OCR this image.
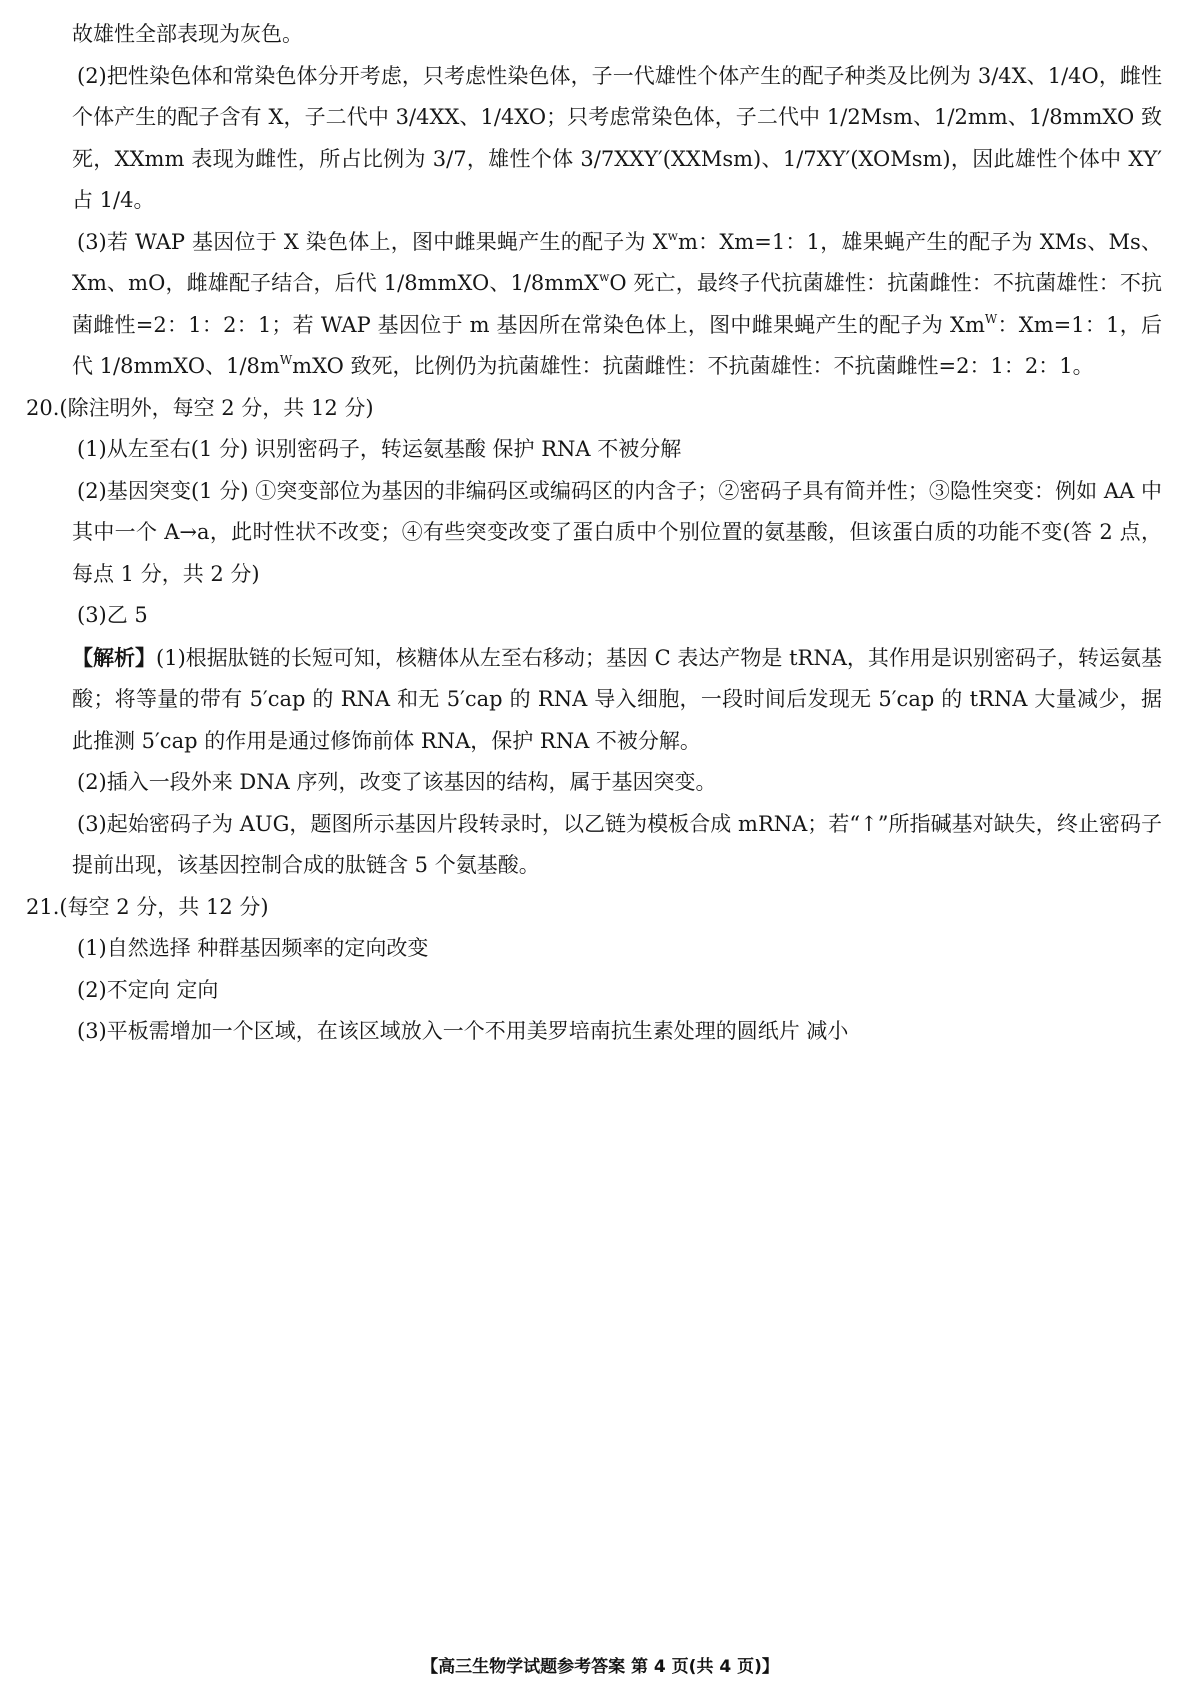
故雄性全部表现为灰色。

(2)把性染色体和常染色体分开考虑，只考虑性染色体，子一代雄性个体产生的配子种类及比例为 3/4X、1/4O，雌性个体产生的配子含有 X，子二代中 3/4XX、1/4XO；只考虑常染色体，子二代中 1/2Msm、1/2mm、1/8mmXO 致死，XXmm 表现为雌性，所占比例为 3/7，雄性个体 3/7XXY′(XXMsm)、1/7XY′(XOMsm)，因此雄性个体中 XY′占 1/4。

(3)若 WAP 基因位于 X 染色体上，图中雌果蝇产生的配子为 $X^wm$：Xm=1：1，雄果蝇产生的配子为 XMs、Ms、Xm、mO，雌雄配子结合，后代 1/8mmXO、1/8mmX$^w$O 死亡，最终子代抗菌雄性：抗菌雌性：不抗菌雄性：不抗菌雌性=2：1：2：1；若 WAP 基因位于 m 基因所在常染色体上，图中雌果蝇产生的配子为 $Xm^W$：Xm=1：1，后代 1/8mmXO、$1/8m^WmXO$ 致死，比例仍为抗菌雄性：抗菌雌性：不抗菌雄性：不抗菌雌性=2：1：2：1。

20.(除注明外，每空 2 分，共 12 分)

(1)从左至右(1 分) 识别密码子，转运氨基酸 保护 RNA 不被分解

(2)基因突变(1 分) ①突变部位为基因的非编码区或编码区的内含子；②密码子具有简并性；③隐性突变：例如 AA 中其中一个 A→a，此时性状不改变；④有些突变改变了蛋白质中个别位置的氨基酸，但该蛋白质的功能不变(答 2 点，每点 1 分，共 2 分)

(3)乙 5

【解析】(1)根据肽链的长短可知，核糖体从左至右移动；基因 C 表达产物是 tRNA，其作用是识别密码子，转运氨基酸；将等量的带有 5′cap 的 RNA 和无 5′cap 的 RNA 导入细胞，一段时间后发现无 5′cap 的 tRNA 大量减少，据此推测 5′cap 的作用是通过修饰前体 RNA，保护 RNA 不被分解。

(2)插入一段外来 DNA 序列，改变了该基因的结构，属于基因突变。

(3)起始密码子为 AUG，题图所示基因片段转录时，以乙链为模板合成 mRNA；若“↑”所指碱基对缺失，终止密码子提前出现，该基因控制合成的肽链含 5 个氨基酸。

21.(每空 2 分，共 12 分)

(1)自然选择 种群基因频率的定向改变

(2)不定向 定向

(3)平板需增加一个区域，在该区域放入一个不用美罗培南抗生素处理的圆纸片 减小

【高三生物学试题参考答案 第 4 页(共 4 页)】
